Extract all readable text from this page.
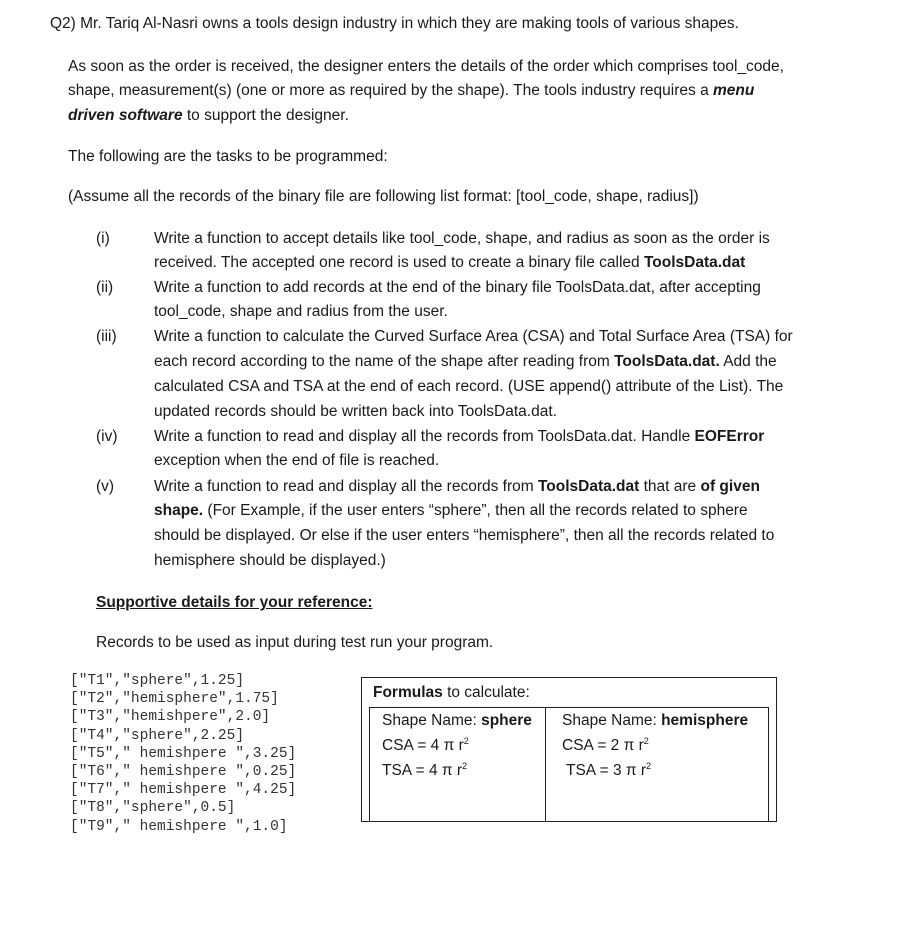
Q2) Mr. Tariq Al-Nasri owns a tools design industry in which they are making tools of various shapes.
As soon as the order is received, the designer enters the details of the order which comprises tool_code,
shape, measurement(s) (one or more as required by the shape). The tools industry requires a menu
driven software to support the designer.
The following are the tasks to be programmed:
(Assume all the records of the binary file are following list format: [tool_code, shape, radius])
(i)	Write a function to accept details like tool_code, shape, and radius as soon as the order is
received. The accepted one record is used to create a binary file called ToolsData.dat
(ii)	Write a function to add records at the end of the binary file ToolsData.dat, after accepting
tool_code, shape and radius from the user.
(iii) Write a function to calculate the Curved Surface Area (CSA) and Total Surface Area (TSA) for
each record according to the name of the shape after reading from ToolsData.dat. Add the
calculated CSA and TSA at the end of each record. (USE append() attribute of the List). The
updated records should be written back into ToolsData.dat.
(iv) Write a function to read and display all the records from ToolsData.dat. Handle EOFError
exception when the end of file is reached.
(v)	Write a function to read and display all the records from ToolsData.dat that are of given
shape. (For Example, if the user enters “sphere”, then all the records related to sphere
should be displayed. Or else if the user enters “hemisphere”, then all the records related to
hemisphere should be displayed.)
Supportive details for your reference:
Records to be used as input during test run your program.
["T1","sphere",1.25]
["T2","hemisphere",1.75]
["T3","hemishpere",2.0]
["T4","sphere",2.25]
["T5"," hemishpere ",3.25]
["T6"," hemishpere ",0.25]
["T7"," hemishpere ",4.25]
["T8","sphere",0.5]
["T9"," hemishpere ",1.0]
Formulas to calculate:
Shape Name: sphere
CSA = 4 π $r^2$
TSA = 4 π $r^2$
Shape Name: hemisphere
CSA = 2 π $r^2$
TSA = 3 π $r^2$
